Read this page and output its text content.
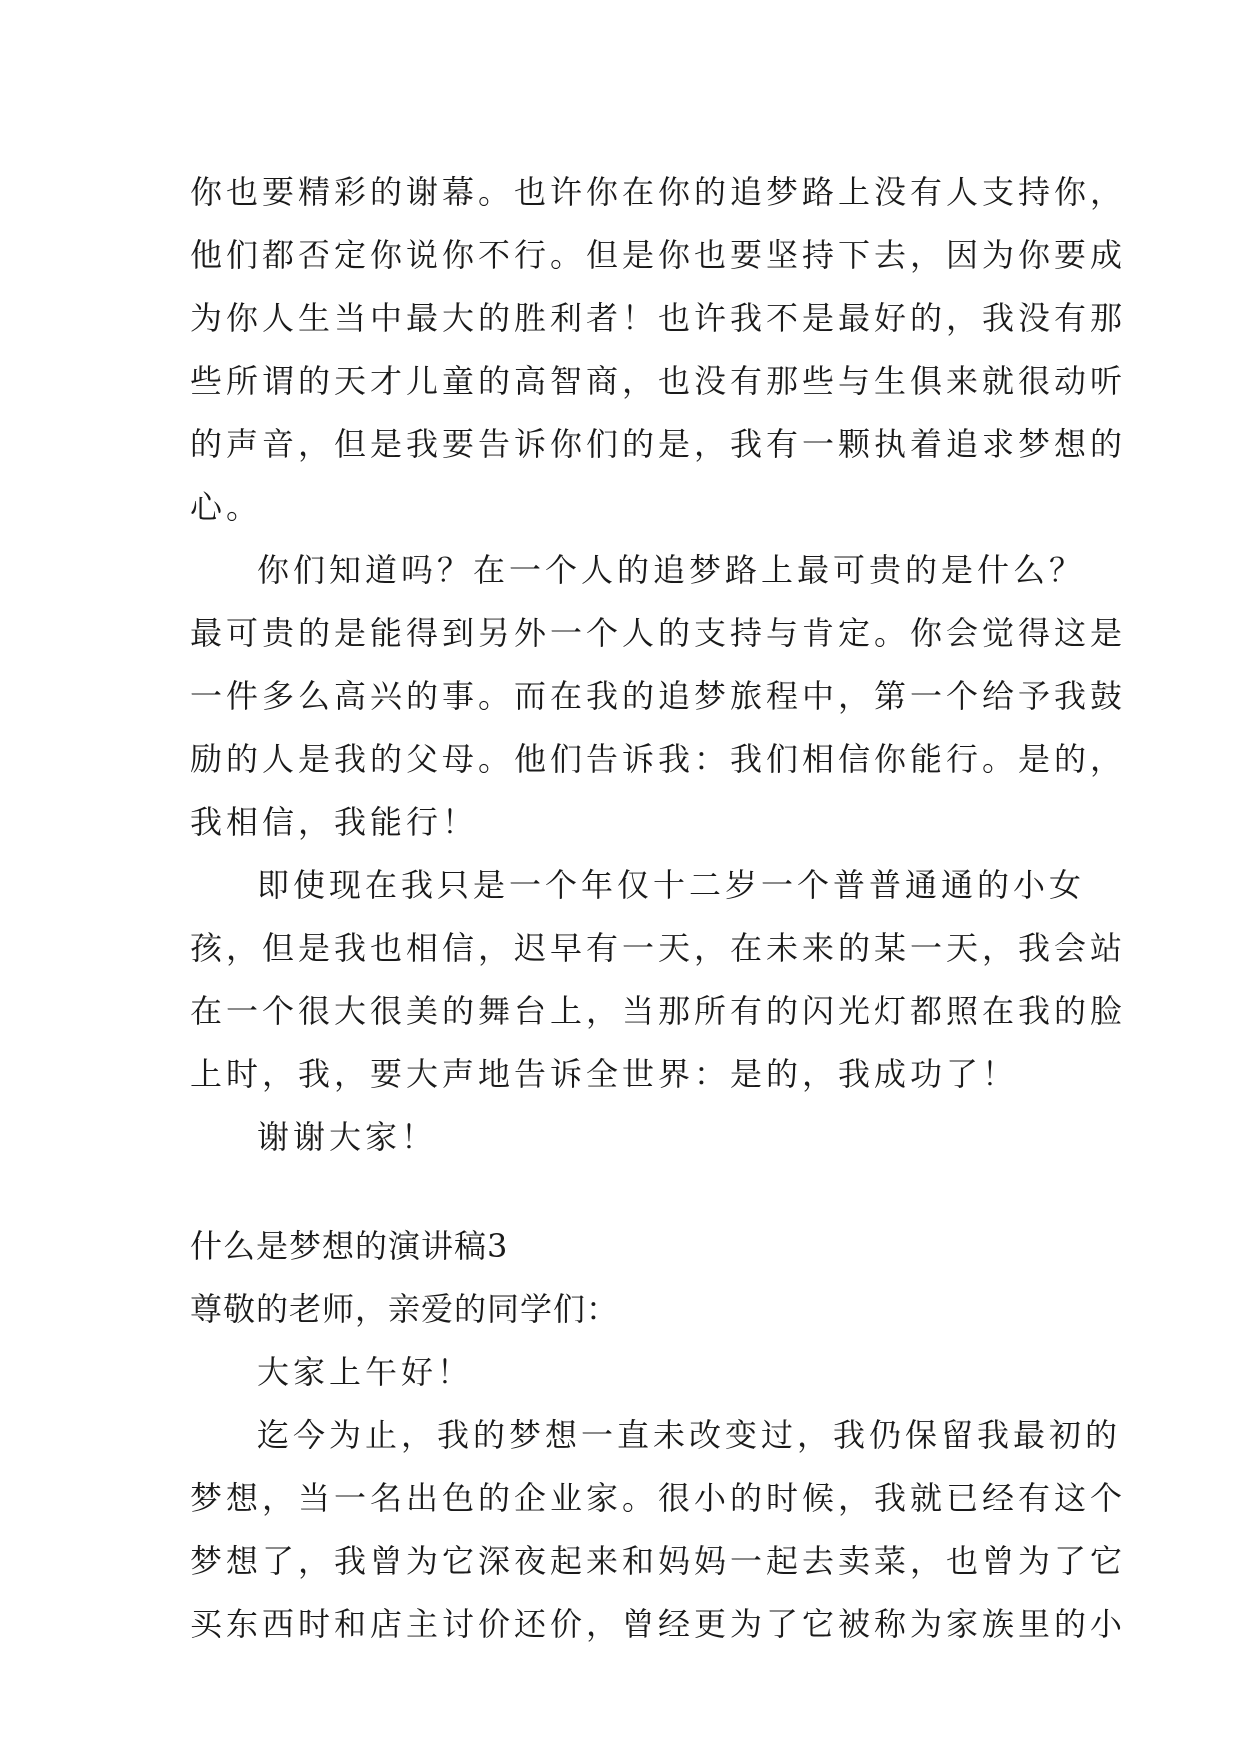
你也要精彩的谢幕。也许你在你的追梦路上没有人支持你，
他们都否定你说你不行。但是你也要坚持下去，因为你要成
为你人生当中最大的胜利者！也许我不是最好的，我没有那
些所谓的天才儿童的高智商，也没有那些与生俱来就很动听
的声音，但是我要告诉你们的是，我有一颗执着追求梦想的
心。
你们知道吗？在一个人的追梦路上最可贵的是什么？
最可贵的是能得到另外一个人的支持与肯定。你会觉得这是
一件多么高兴的事。而在我的追梦旅程中，第一个给予我鼓
励的人是我的父母。他们告诉我：我们相信你能行。是的，
我相信，我能行！
即使现在我只是一个年仅十二岁一个普普通通的小女
孩，但是我也相信，迟早有一天，在未来的某一天，我会站
在一个很大很美的舞台上，当那所有的闪光灯都照在我的脸
上时，我，要大声地告诉全世界：是的，我成功了！
谢谢大家！
什么是梦想的演讲稿3
尊敬的老师，亲爱的同学们：
大家上午好！
迄今为止，我的梦想一直未改变过，我仍保留我最初的
梦想，当一名出色的企业家。很小的时候，我就已经有这个
梦想了，我曾为它深夜起来和妈妈一起去卖菜，也曾为了它
买东西时和店主讨价还价，曾经更为了它被称为家族里的小
